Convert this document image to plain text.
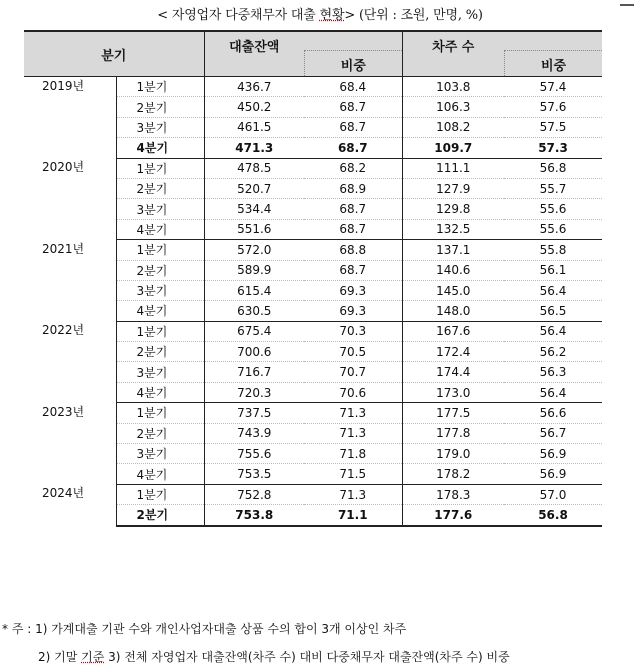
< 자영업자 다중채무자 대출 현황> (단위 : 조원, 만명, %)
분기		대출잔액	비중	차주 수	비중

2019년	1분기	436.7	68.4	103.8	57.4
	2분기	450.2	68.7	106.3	57.6
	3분기	461.5	68.7	108.2	57.5
	4분기	471.3	68.7	109.7	57.3
2020년	1분기	478.5	68.2	111.1	56.8
	2분기	520.7	68.9	127.9	55.7
	3분기	534.4	68.7	129.8	55.6
	4분기	551.6	68.7	132.5	55.6
2021년	1분기	572.0	68.8	137.1	55.8
	2분기	589.9	68.7	140.6	56.1
	3분기	615.4	69.3	145.0	56.4
	4분기	630.5	69.3	148.0	56.5
2022년	1분기	675.4	70.3	167.6	56.4
	2분기	700.6	70.5	172.4	56.2
	3분기	716.7	70.7	174.4	56.3
	4분기	720.3	70.6	173.0	56.4
2023년	1분기	737.5	71.3	177.5	56.6
	2분기	743.9	71.3	177.8	56.7
	3분기	755.6	71.8	179.0	56.9
	4분기	753.5	71.5	178.2	56.9
2024년	1분기	752.8	71.3	178.3	57.0
	2분기	753.8	71.1	177.6	56.8
* 주 : 1) 가계대출 기관 수와 개인사업자대출 상품 수의 합이 3개 이상인 차주
2) 기말 기준 3) 전체 자영업자 대출잔액(차주 수) 대비 다중채무자 대출잔액(차주 수) 비중
